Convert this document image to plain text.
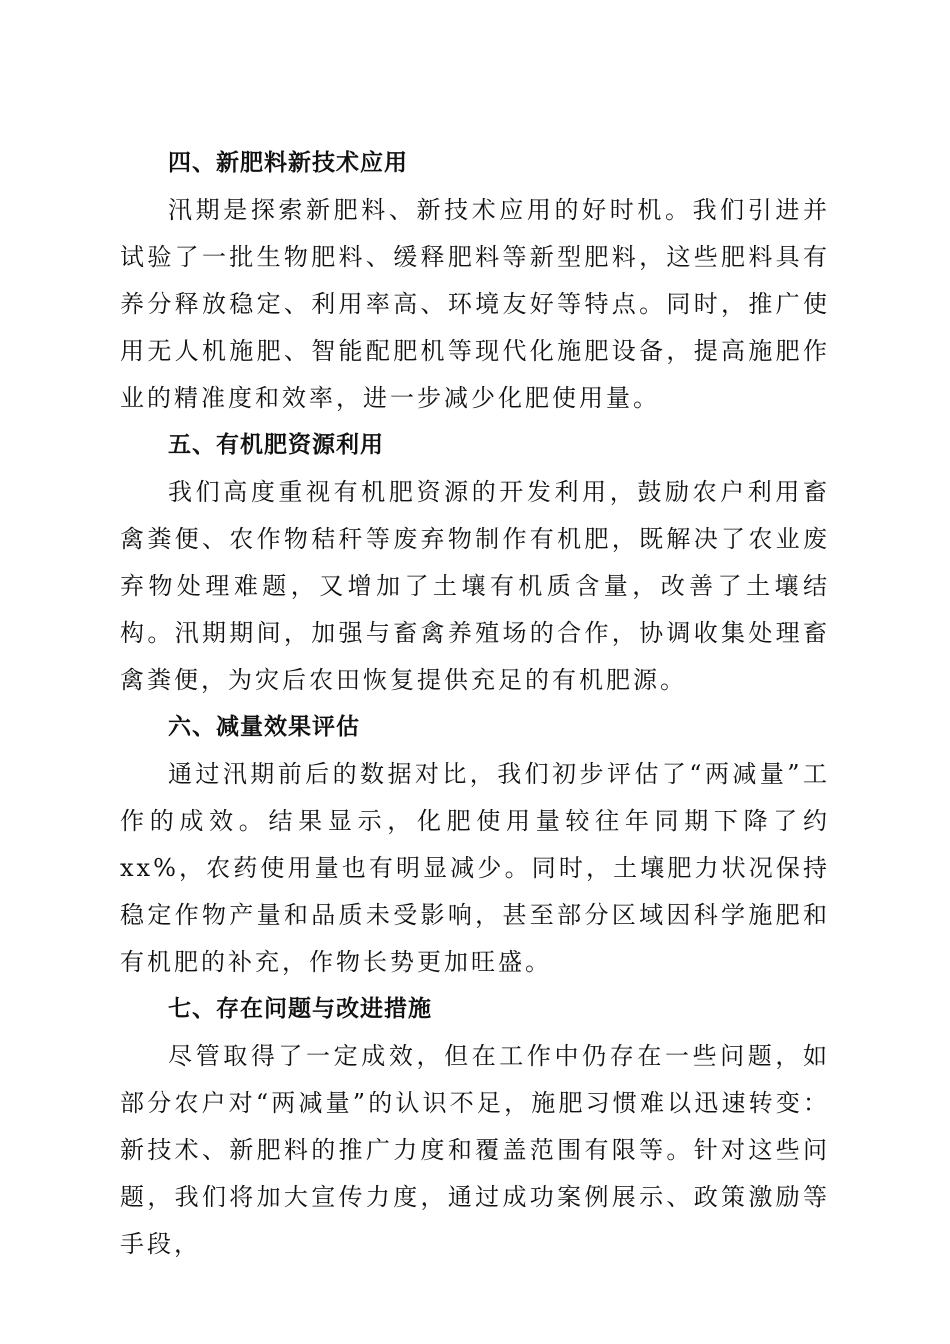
四、新肥料新技术应用

汛期是探索新肥料、新技术应用的好时机。我们引进并试验了一批生物肥料、缓释肥料等新型肥料，这些肥料具有养分释放稳定、利用率高、环境友好等特点。同时，推广使用无人机施肥、智能配肥机等现代化施肥设备，提高施肥作业的精准度和效率，进一步减少化肥使用量。

五、有机肥资源利用

我们高度重视有机肥资源的开发利用，鼓励农户利用畜禽粪便、农作物秸秆等废弃物制作有机肥，既解决了农业废弃物处理难题，又增加了土壤有机质含量，改善了土壤结构。汛期期间，加强与畜禽养殖场的合作，协调收集处理畜禽粪便，为灾后农田恢复提供充足的有机肥源。

六、减量效果评估

通过汛期前后的数据对比，我们初步评估了“两减量”工作的成效。结果显示，化肥使用量较往年同期下降了约xx%，农药使用量也有明显减少。同时，土壤肥力状况保持稳定作物产量和品质未受影响，甚至部分区域因科学施肥和有机肥的补充，作物长势更加旺盛。

七、存在问题与改进措施

尽管取得了一定成效，但在工作中仍存在一些问题，如部分农户对“两减量”的认识不足，施肥习惯难以迅速转变：新技术、新肥料的推广力度和覆盖范围有限等。针对这些问题，我们将加大宣传力度，通过成功案例展示、政策激励等手段，
